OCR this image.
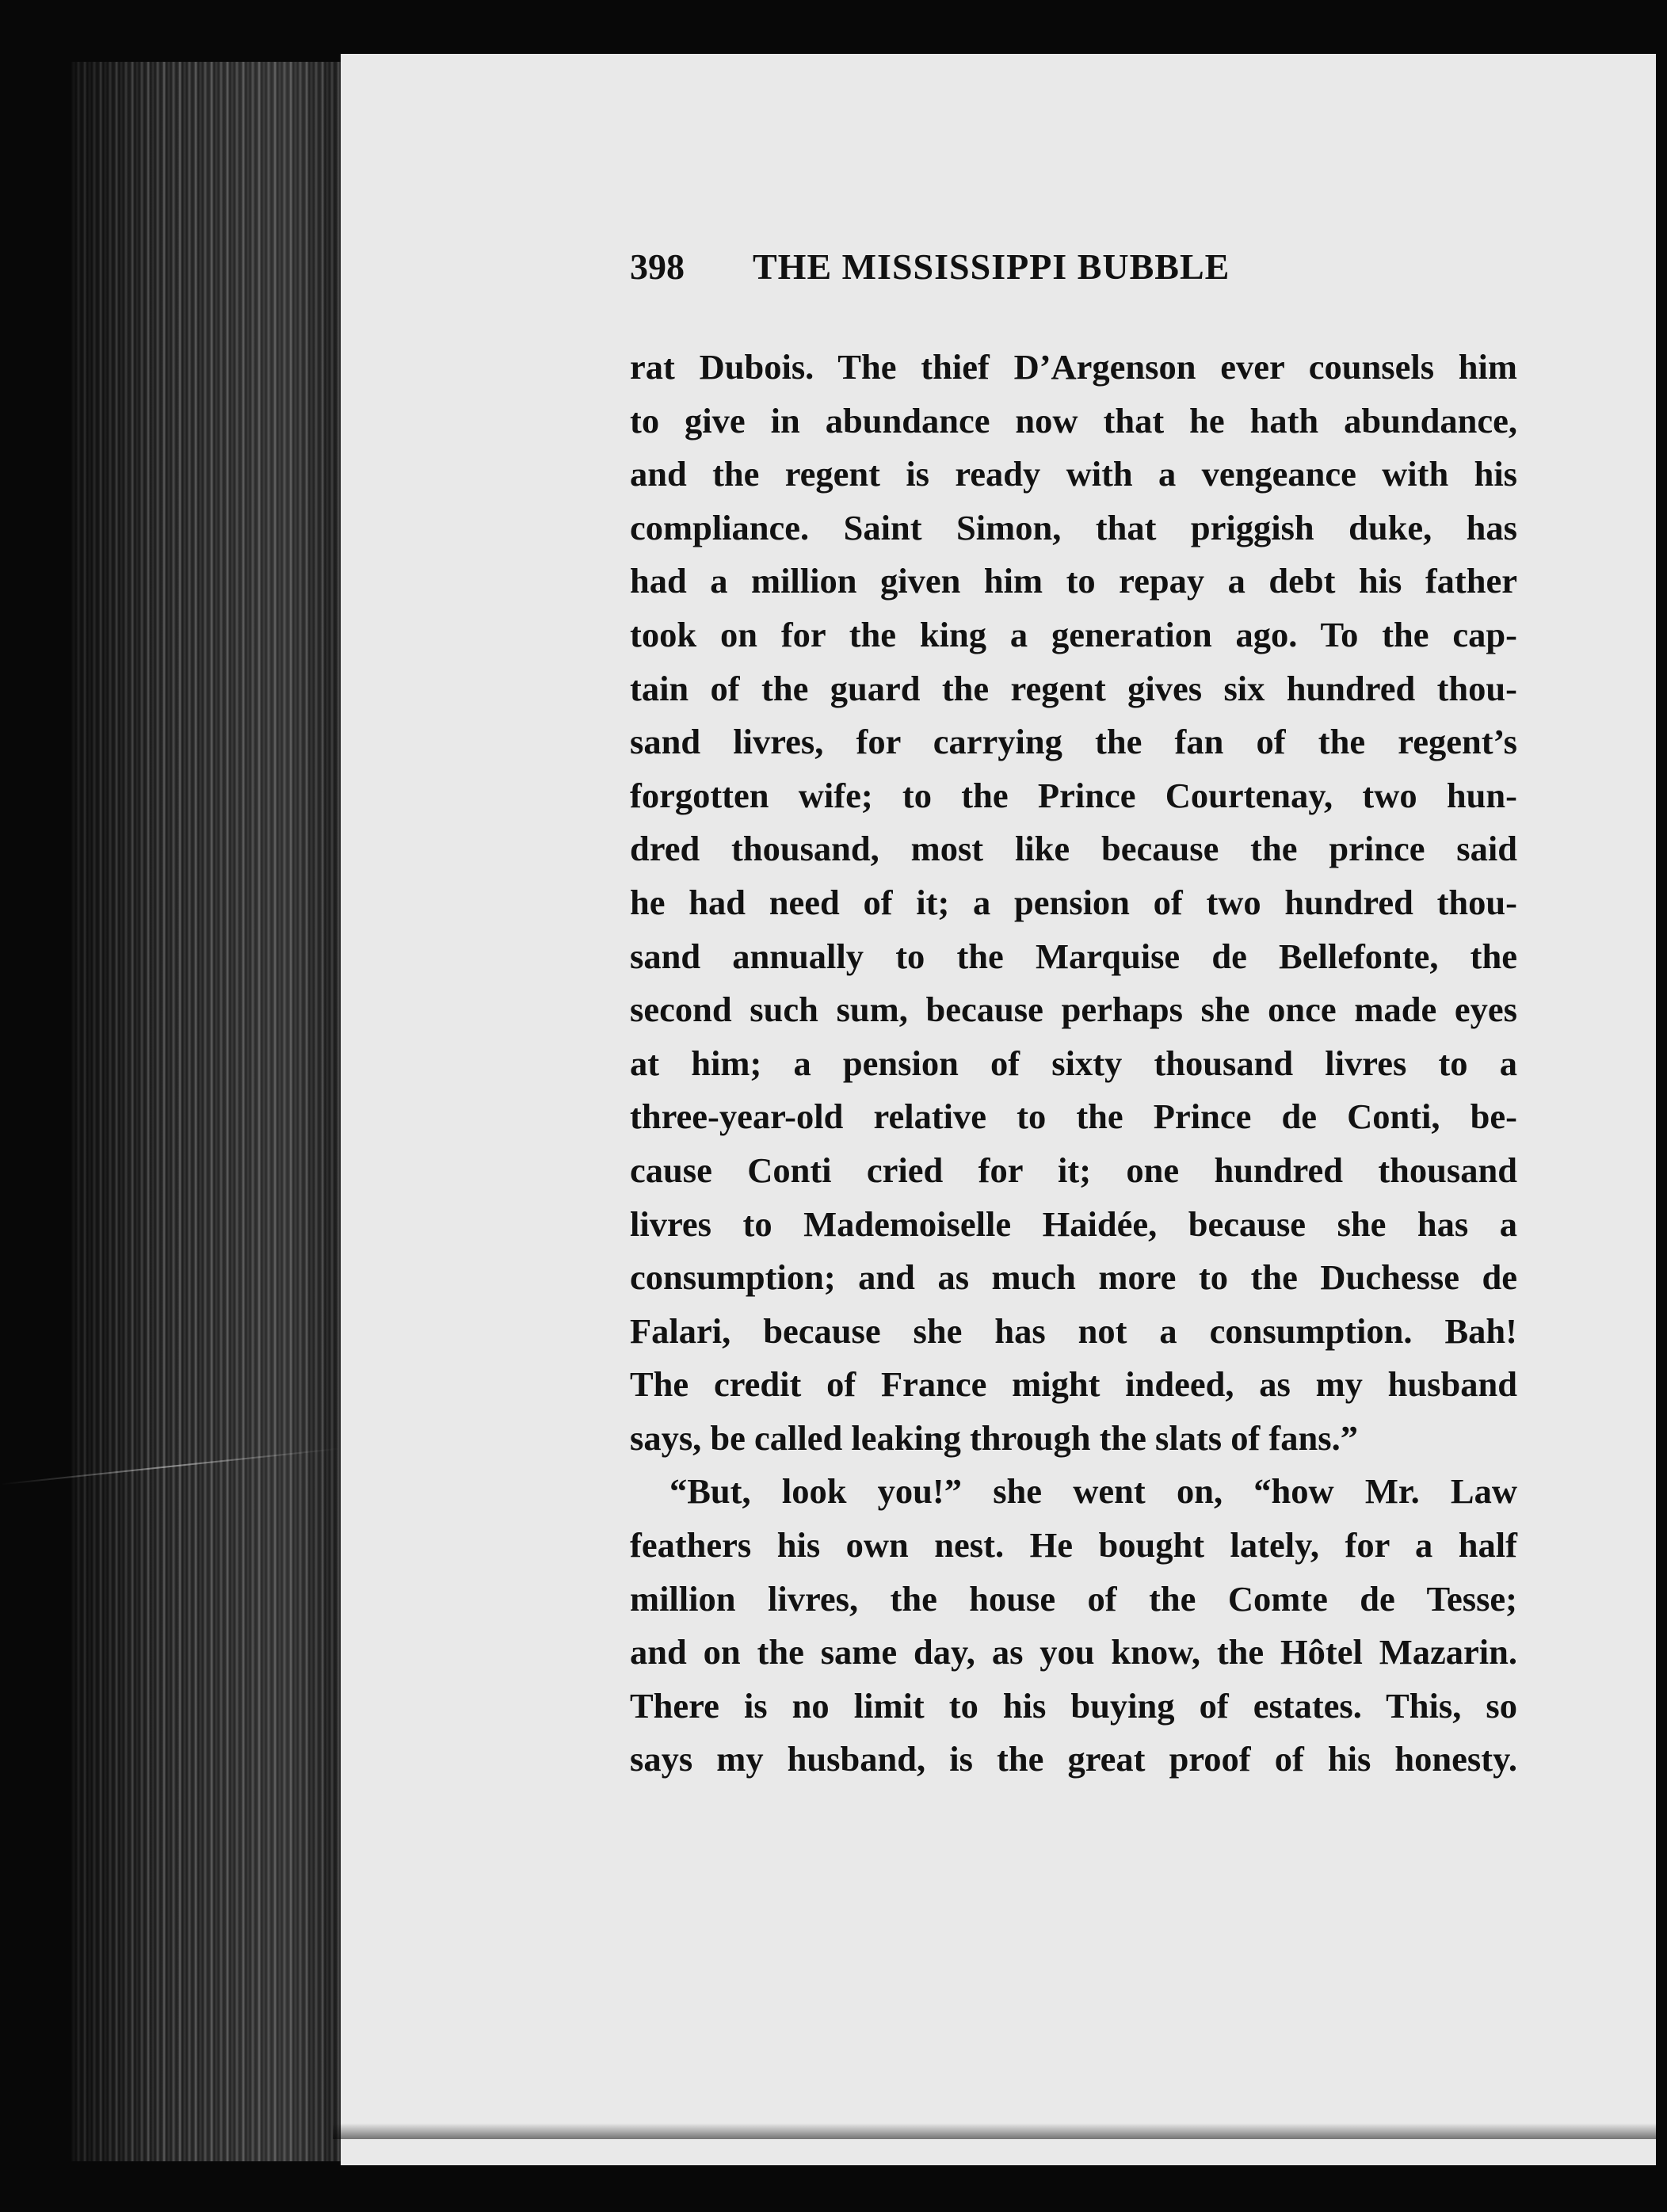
398 THE MISSISSIPPI BUBBLE
rat Dubois. The thief D’Argenson ever counsels him
to give in abundance now that he hath abundance,
and the regent is ready with a vengeance with his
compliance. Saint Simon, that priggish duke, has
had a million given him to repay a debt his father
took on for the king a generation ago. To the cap-
tain of the guard the regent gives six hundred thou-
sand livres, for carrying the fan of the regent’s
forgotten wife; to the Prince Courtenay, two hun-
dred thousand, most like because the prince said
he had need of it; a pension of two hundred thou-
sand annually to the Marquise de Bellefonte, the
second such sum, because perhaps she once made eyes
at him; a pension of sixty thousand livres to a
three-year-old relative to the Prince de Conti, be-
cause Conti cried for it; one hundred thousand
livres to Mademoiselle Haidée, because she has a
consumption; and as much more to the Duchesse de
Falari, because she has not a consumption. Bah!
The credit of France might indeed, as my husband
says, be called leaking through the slats of fans.”
“But, look you!” she went on, “how Mr. Law
feathers his own nest. He bought lately, for a half
million livres, the house of the Comte de Tesse;
and on the same day, as you know, the Hôtel Mazarin.
There is no limit to his buying of estates. This, so
says my husband, is the great proof of his honesty.
